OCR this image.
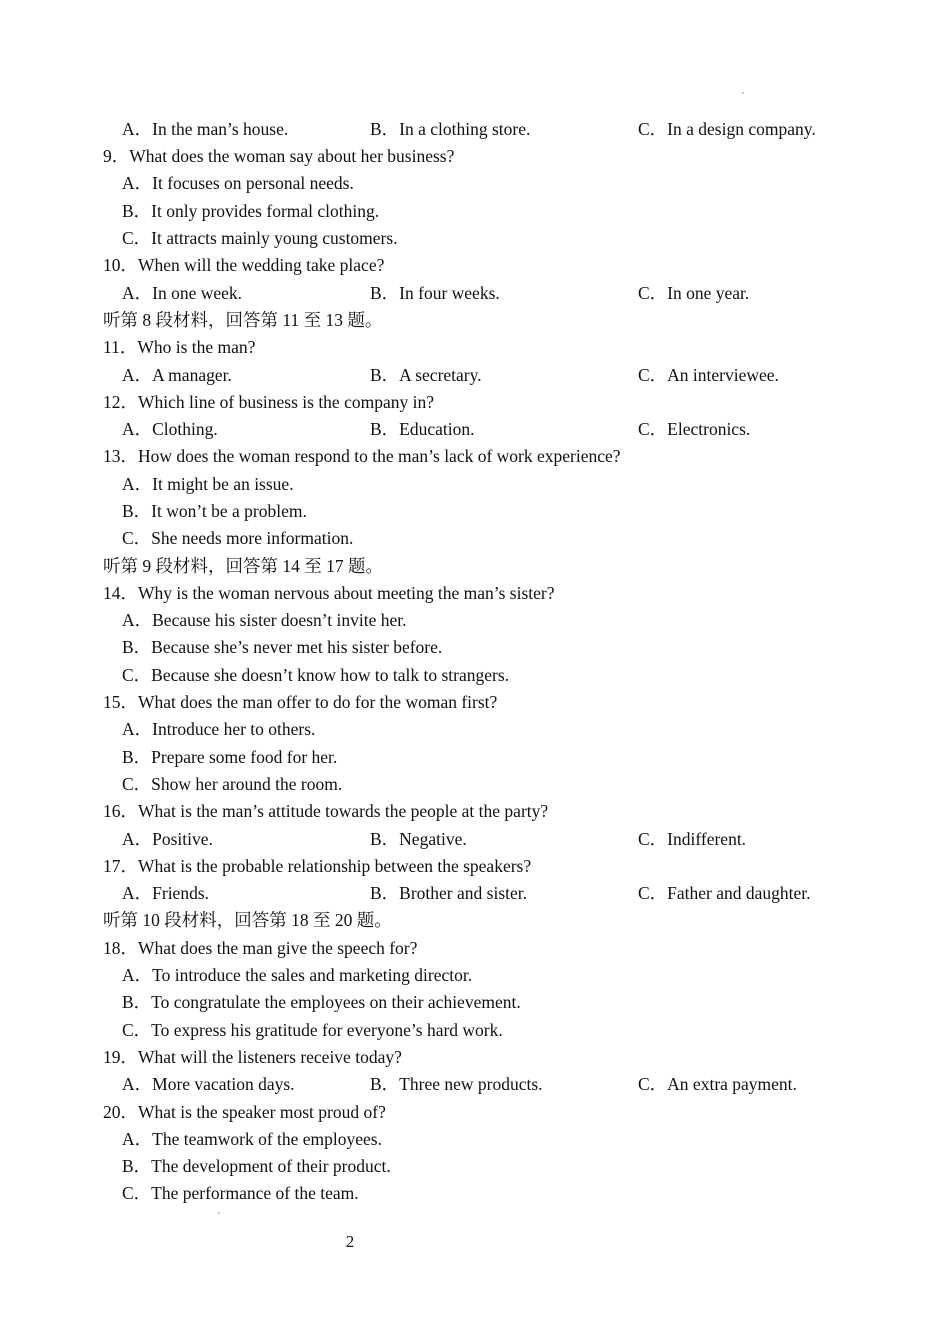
A．In the man’s house.	B．In a clothing store.	C．In a design company.
9．What does the woman say about her business?
A．It focuses on personal needs.
B．It only provides formal clothing.
C．It attracts mainly young customers.
10．When will the wedding take place?
A．In one week.	B．In four weeks.	C．In one year.
听第 8 段材料，回答第 11 至 13 题。
11．Who is the man?
A．A manager.	B．A secretary.	C．An interviewee.
12．Which line of business is the company in?
A．Clothing.	B．Education.	C．Electronics.
13．How does the woman respond to the man’s lack of work experience?
A．It might be an issue.
B．It won’t be a problem.
C．She needs more information.
听第 9 段材料，回答第 14 至 17 题。
14．Why is the woman nervous about meeting the man’s sister?
A．Because his sister doesn’t invite her.
B．Because she’s never met his sister before.
C．Because she doesn’t know how to talk to strangers.
15．What does the man offer to do for the woman first?
A．Introduce her to others.
B．Prepare some food for her.
C．Show her around the room.
16．What is the man’s attitude towards the people at the party?
A．Positive.	B．Negative.	C．Indifferent.
17．What is the probable relationship between the speakers?
A．Friends.	B．Brother and sister.	C．Father and daughter.
听第 10 段材料，回答第 18 至 20 题。
18．What does the man give the speech for?
A．To introduce the sales and marketing director.
B．To congratulate the employees on their achievement.
C．To express his gratitude for everyone’s hard work.
19．What will the listeners receive today?
A．More vacation days.	B．Three new products.	C．An extra payment.
20．What is the speaker most proud of?
A．The teamwork of the employees.
B．The development of their product.
C．The performance of the team.
2
